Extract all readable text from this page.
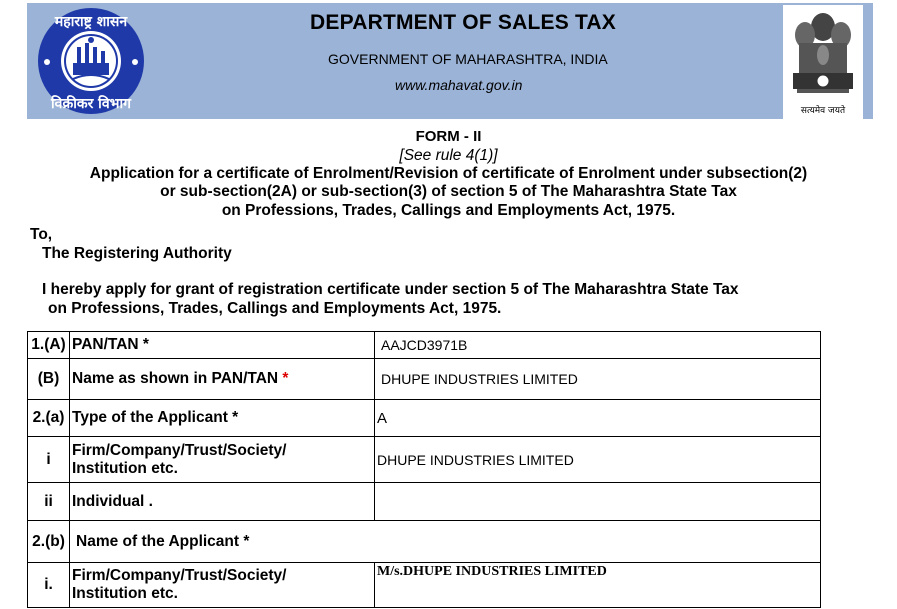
महाराष्ट्र शासन
विक्रीकर विभाग
DEPARTMENT OF SALES TAX
GOVERNMENT OF MAHARASHTRA, INDIA
www.mahavat.gov.in
सत्यमेव जयते
FORM - II
[See rule 4(1)]
Application for a certificate of Enrolment/Revision of certificate of Enrolment under subsection(2)
or sub-section(2A) or sub-section(3) of section 5 of The Maharashtra State Tax
on Professions, Trades, Callings and Employments Act, 1975.
To,
The Registering Authority
I hereby apply for grant of registration certificate under section 5 of The Maharashtra State Tax
on Professions, Trades, Callings and Employments Act, 1975.
1.(A)	PAN/TAN *	AAJCD3971B
(B)	Name as shown in PAN/TAN *	DHUPE INDUSTRIES LIMITED
2.(a)	Type of the Applicant *	A
i	Firm/Company/Trust/Society/
Institution etc.	DHUPE INDUSTRIES LIMITED
ii	Individual .	
2.(b)	Name of the Applicant *	
i.	Firm/Company/Trust/Society/
Institution etc.	M/s.DHUPE INDUSTRIES LIMITED
